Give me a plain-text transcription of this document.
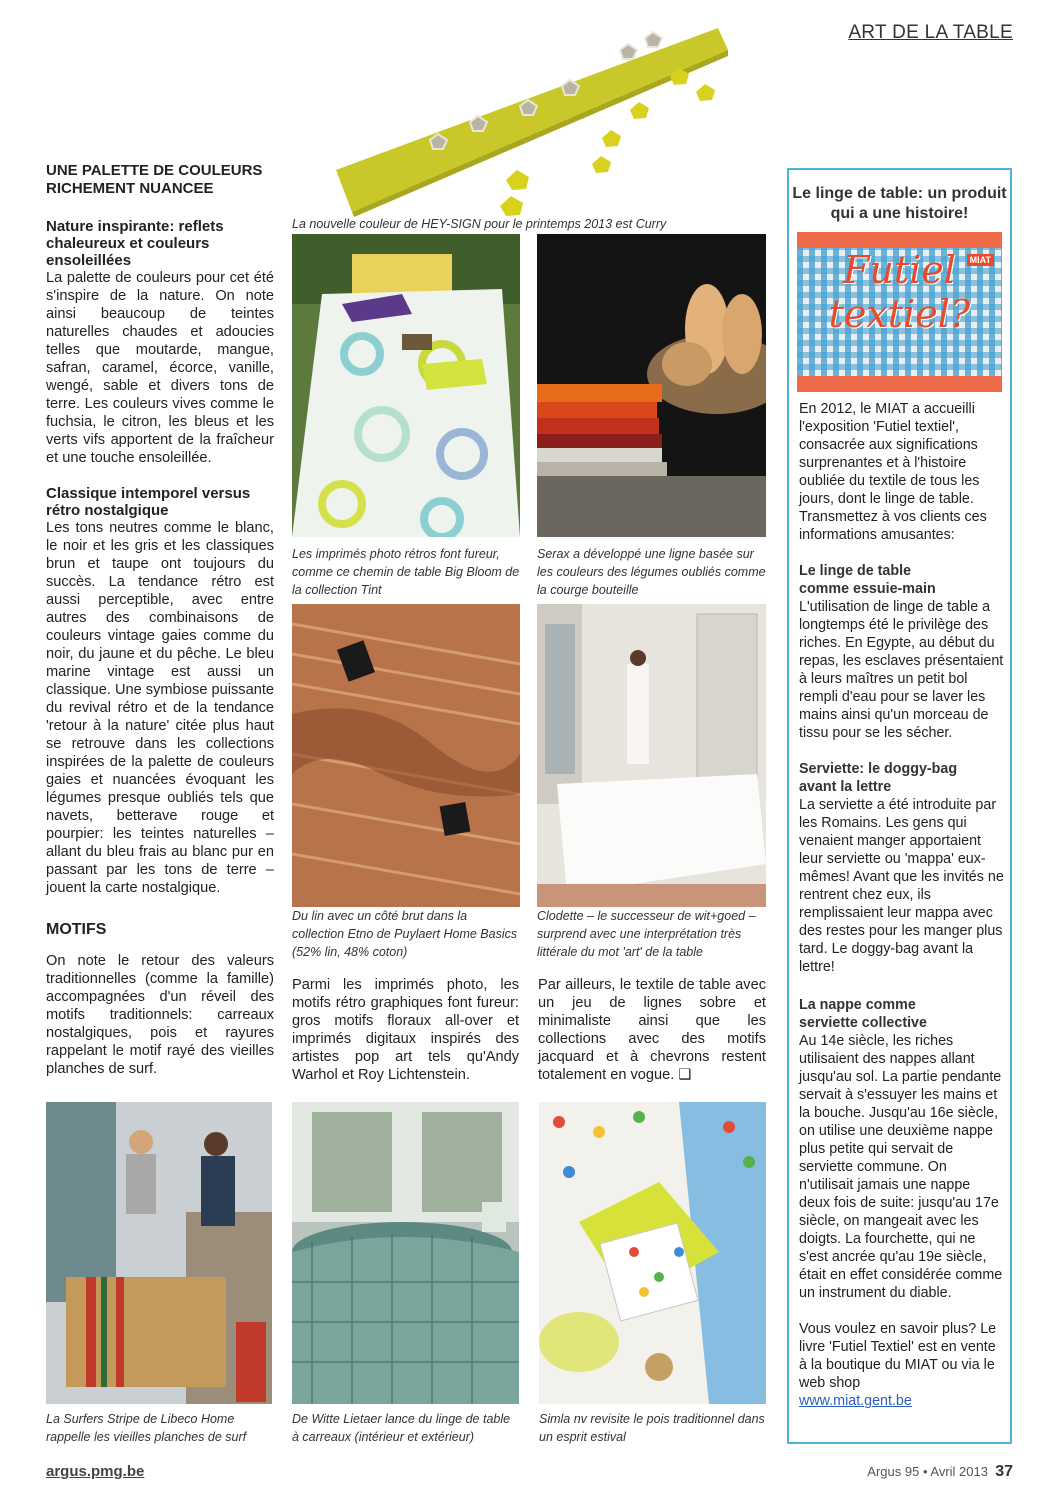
ART DE LA TABLE
UNE PALETTE DE COULEURS RICHEMENT NUANCEE

Nature inspirante: reflets chaleureux et couleurs ensoleillées

La palette de couleurs pour cet été s'inspire de la nature. On note ainsi beaucoup de teintes naturelles chaudes et adoucies telles que moutarde, mangue, safran, caramel, écorce, vanille, wengé, sable et divers tons de terre. Les couleurs vives comme le fuchsia, le citron, les bleus et les verts vifs apportent de la fraîcheur et une touche ensoleillée.

Classique intemporel versus rétro nostalgique

Les tons neutres comme le blanc, le noir et les gris et les classiques brun et taupe ont toujours du succès. La tendance rétro est aussi perceptible, avec entre autres des combinaisons de couleurs vintage gaies comme du noir, du jaune et du pêche. Le bleu marine vintage est aussi un classique. Une symbiose puissante du revival rétro et de la tendance 'retour à la nature' citée plus haut se retrouve dans les collections inspirées de la palette de couleurs gaies et nuancées évoquant les légumes presque oubliés tels que navets, betterave rouge et pourpier: les teintes naturelles – allant du bleu frais au blanc pur en passant par les tons de terre – jouent la carte nostalgique.

MOTIFS

On note le retour des valeurs traditionnelles (comme la famille) accompagnées d'un réveil des motifs traditionnels: carreaux nostalgiques, pois et rayures rappelant le motif rayé des vieilles planches de surf.

La nouvelle couleur de HEY-SIGN pour le printemps 2013 est Curry
Les imprimés photo rétros font fureur, comme ce chemin de table Big Bloom de la collection Tint
Serax a développé une ligne basée sur les couleurs des légumes oubliés comme la courge bouteille
Du lin avec un côté brut dans la collection Etno de Puylaert Home Basics (52% lin, 48% coton)
Clodette – le successeur de wit+goed – surprend avec une interprétation très littérale du mot 'art' de la table

Parmi les imprimés photo, les motifs rétro graphiques font fureur: gros motifs floraux all-over et imprimés digitaux inspirés des artistes pop art tels qu'Andy Warhol et Roy Lichtenstein.

Par ailleurs, le textile de table avec un jeu de lignes sobre et minimaliste ainsi que les collections avec des motifs jacquard et à chevrons restent totalement en vogue. ❑

La Surfers Stripe de Libeco Home rappelle les vieilles planches de surf
De Witte Lietaer lance du linge de table à carreaux (intérieur et extérieur)
Simla nv revisite le pois traditionnel dans un esprit estival
Le linge de table: un produit qui a une histoire!
Futiel textiel?
MIAT
En 2012, le MIAT a accueilli l'exposition 'Futiel textiel', consacrée aux significations surprenantes et à l'histoire oubliée du textile de tous les jours, dont le linge de table. Transmettez à vos clients ces informations amusantes:
Le linge de table comme essuie-main
L'utilisation de linge de table a longtemps été le privilège des riches. En Egypte, au début du repas, les esclaves présentaient à leurs maîtres un petit bol rempli d'eau pour se laver les mains ainsi qu'un morceau de tissu pour se les sécher.
Serviette: le doggy-bag avant la lettre
La serviette a été introduite par les Romains. Les gens qui venaient manger apportaient leur serviette ou 'mappa' eux-mêmes! Avant que les invités ne rentrent chez eux, ils remplissaient leur mappa avec des restes pour les manger plus tard. Le doggy-bag avant la lettre!
La nappe comme serviette collective
Au 14e siècle, les riches utilisaient des nappes allant jusqu'au sol. La partie pendante servait à s'essuyer les mains et la bouche. Jusqu'au 16e siècle, on utilise une deuxième nappe plus petite qui servait de serviette commune. On n'utilisait jamais une nappe deux fois de suite: jusqu'au 17e siècle, on mangeait avec les doigts. La fourchette, qui ne s'est ancrée qu'au 19e siècle, était en effet considérée comme un instrument du diable.
Vous voulez en savoir plus? Le livre 'Futiel Textiel' est en vente à la boutique du MIAT ou via le web shop
www.miat.gent.be
argus.pmg.be	Argus 95 • Avril 2013 37
